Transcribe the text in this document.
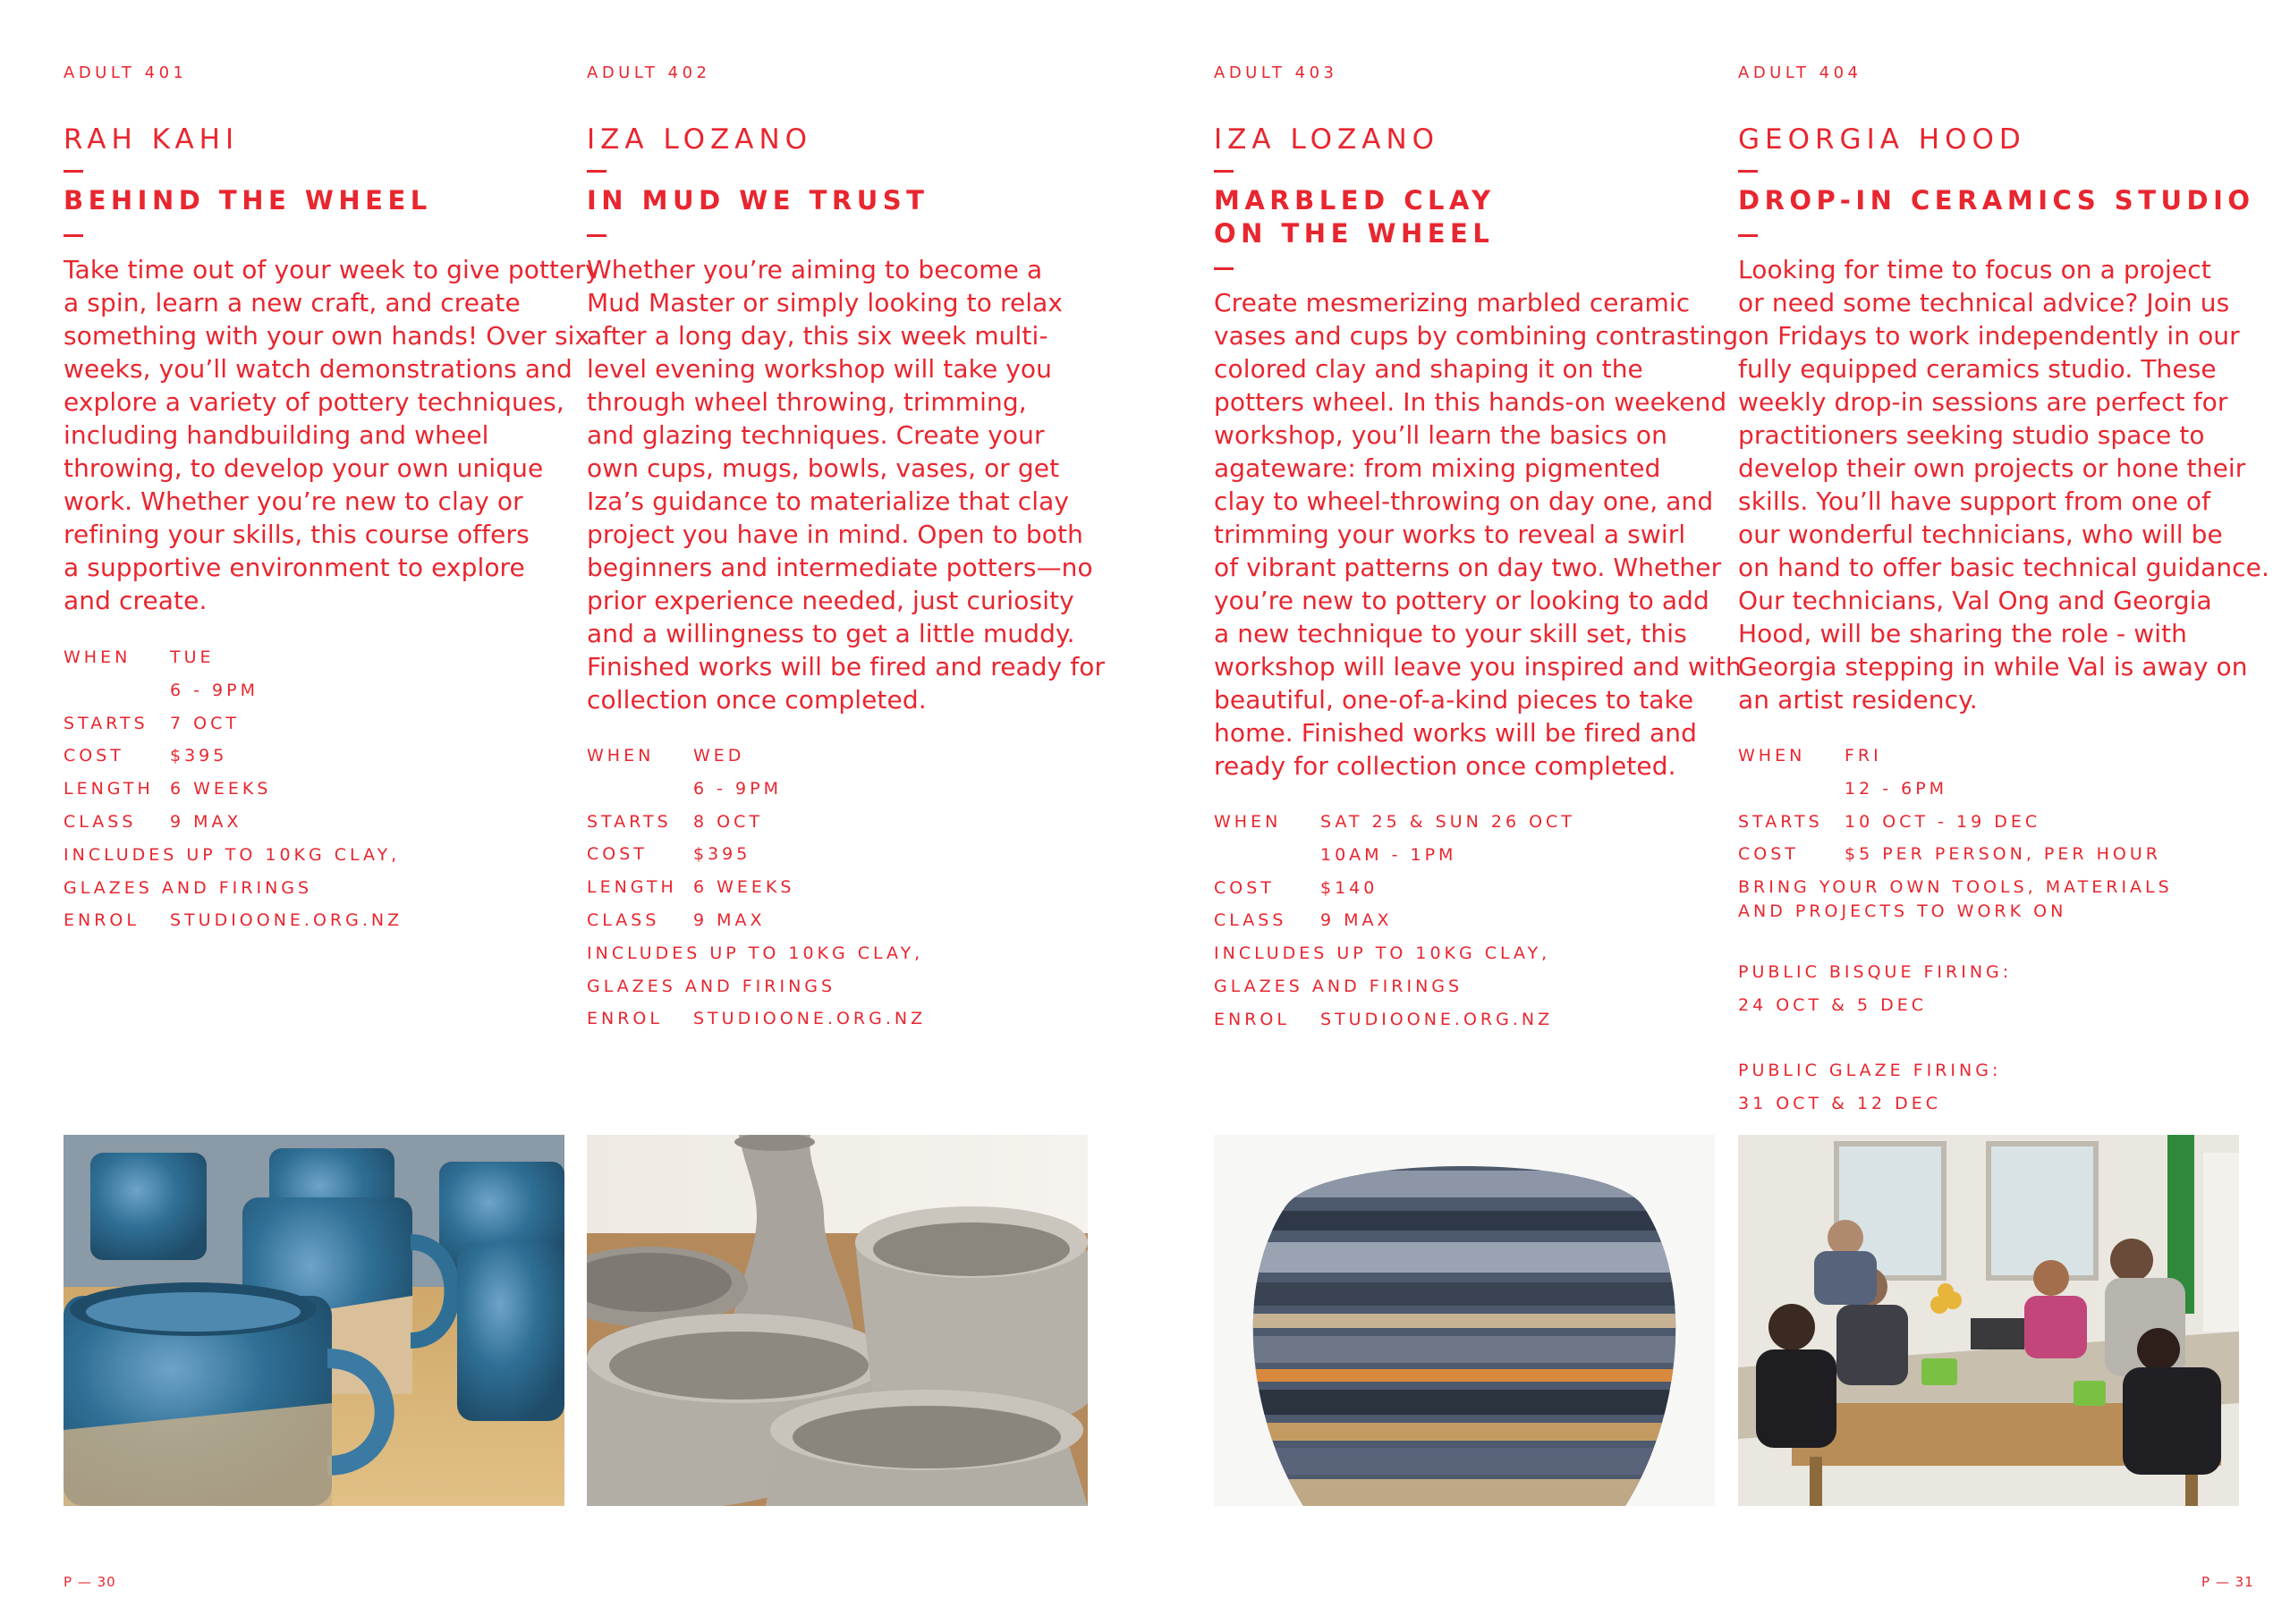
ADULT 401
RAH KAHI
BEHIND THE WHEEL
Take time out of your week to give pottery
a spin, learn a new craft, and create
something with your own hands! Over six
weeks, you’ll watch demonstrations and
explore a variety of pottery techniques,
including handbuilding and wheel
throwing, to develop your own unique
work. Whether you’re new to clay or
refining your skills, this course offers
a supportive environment to explore
and create.
WHEN TUE
6 - 9PM
STARTS 7 OCT
COST	$395
LENGTH 6 WEEKS
CLASS 9 MAX
INCLUDES UP TO 10KG CLAY,
GLAZES AND FIRINGS
ENROL STUDIOONE.ORG.NZ
ADULT 402
IZA LOZANO
IN MUD WE TRUST
Whether you’re aiming to become a
Mud Master or simply looking to relax
after a long day, this six week multi-
level evening workshop will take you
through wheel throwing, trimming,
and glazing techniques. Create your
own cups, mugs, bowls, vases, or get
Iza’s guidance to materialize that clay
project you have in mind. Open to both
beginners and intermediate potters—no
prior experience needed, just curiosity
and a willingness to get a little muddy.
Finished works will be fired and ready for
collection once completed.
WHEN WED
6 - 9PM
STARTS 8 OCT
COST	$395
LENGTH 6 WEEKS
CLASS 9 MAX
INCLUDES UP TO 10KG CLAY,
GLAZES AND FIRINGS
ENROL STUDIOONE.ORG.NZ
ADULT 403
IZA LOZANO
MARBLED CLAY
ON THE WHEEL
Create mesmerizing marbled ceramic
vases and cups by combining contrasting
colored clay and shaping it on the
potters wheel. In this hands-on weekend
workshop, you’ll learn the basics on
agateware: from mixing pigmented
clay to wheel-throwing on day one, and
trimming your works to reveal a swirl
of vibrant patterns on day two. Whether
you’re new to pottery or looking to add
a new technique to your skill set, this
workshop will leave you inspired and with
beautiful, one-of-a-kind pieces to take
home. Finished works will be fired and
ready for collection once completed.
WHEN SAT 25 & SUN 26 OCT
10AM - 1PM
COST	$140
CLASS 9 MAX
INCLUDES UP TO 10KG CLAY,
GLAZES AND FIRINGS
ENROL STUDIOONE.ORG.NZ
ADULT 404
GEORGIA HOOD
DROP-IN CERAMICS STUDIO
Looking for time to focus on a project
or need some technical advice? Join us
on Fridays to work independently in our
fully equipped ceramics studio. These
weekly drop-in sessions are perfect for
practitioners seeking studio space to
develop their own projects or hone their
skills. You’ll have support from one of
our wonderful technicians, who will be
on hand to offer basic technical guidance.
Our technicians, Val Ong and Georgia
Hood, will be sharing the role - with
Georgia stepping in while Val is away on
an artist residency.
WHEN FRI
12 - 6PM
STARTS 10 OCT - 19 DEC
COST	$5 PER PERSON, PER HOUR
BRING YOUR OWN TOOLS, MATERIALS
AND PROJECTS TO WORK ON
PUBLIC BISQUE FIRING:
24 OCT & 5 DEC
PUBLIC GLAZE FIRING:
31 OCT & 12 DEC
P — 30	P — 31
